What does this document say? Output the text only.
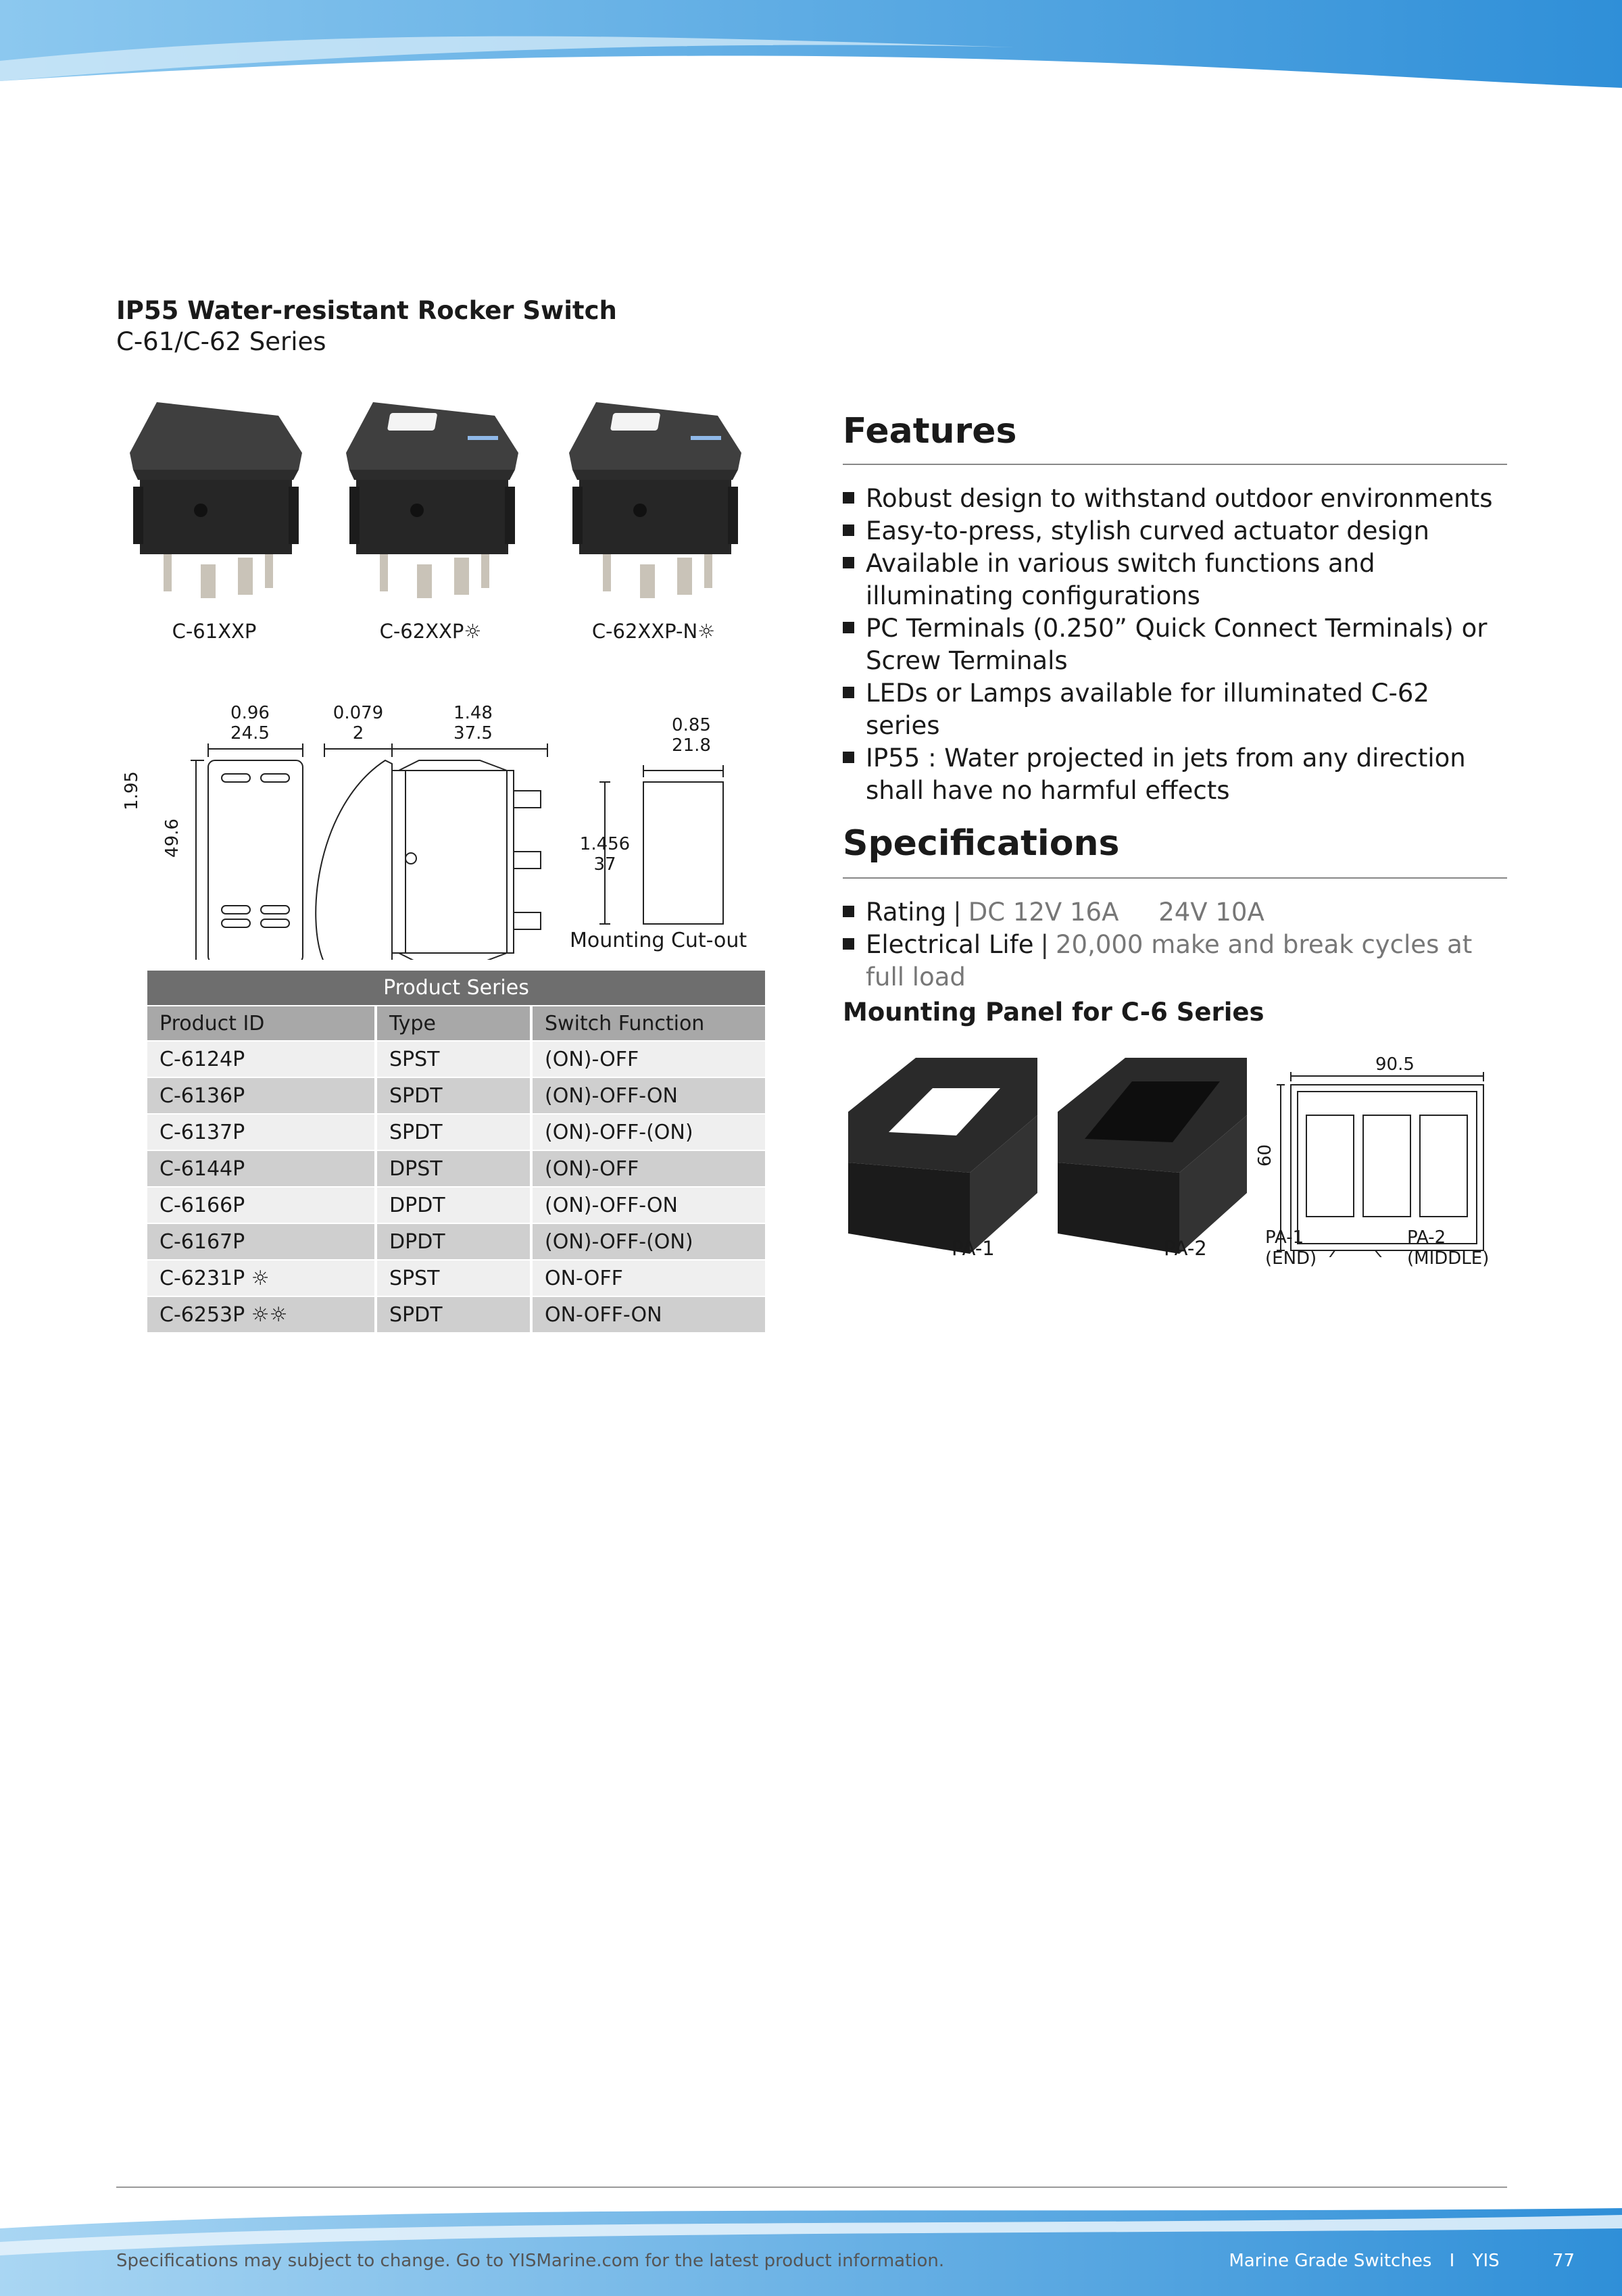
IP55 Water-resistant Rocker Switch
C-61/C-62 Series
C-61XXP	C-62XXP☼	C-62XXP-N☼
0.96
24.5
0.079
2
1.48
37.5
1.95
49.6
0.85
21.8
1.456
37
Mounting Cut-out
Product Series		
Product ID	Type	Switch Function
C-6124P	SPST	(ON)-OFF
C-6136P	SPDT	(ON)-OFF-ON
C-6137P	SPDT	(ON)-OFF-(ON)
C-6144P	DPST	(ON)-OFF
C-6166P	DPDT	(ON)-OFF-ON
C-6167P	DPDT	(ON)-OFF-(ON)
C-6231P ☼	SPST	ON-OFF
C-6253P ☼☼	SPDT	ON-OFF-ON
Features
Robust design to withstand outdoor environments
Easy-to-press, stylish curved actuator design
Available in various switch functions and illuminating configurations
PC Terminals (0.250” Quick Connect Terminals) or Screw Terminals
LEDs or Lamps available for illuminated C-62 series
IP55 : Water projected in jets from any direction shall have no harmful effects
Specifications
Rating | DC 12V 16A     24V 10A
Electrical Life | 20,000 make and break cycles at full load
Mounting Panel for C-6 Series
PA-1	PA-2
90.5
60
PA-1
(END)
PA-2
(MIDDLE)
Specifications may subject to change. Go to YISMarine.com for the latest product information.	Marine Grade Switches I YIS	77
